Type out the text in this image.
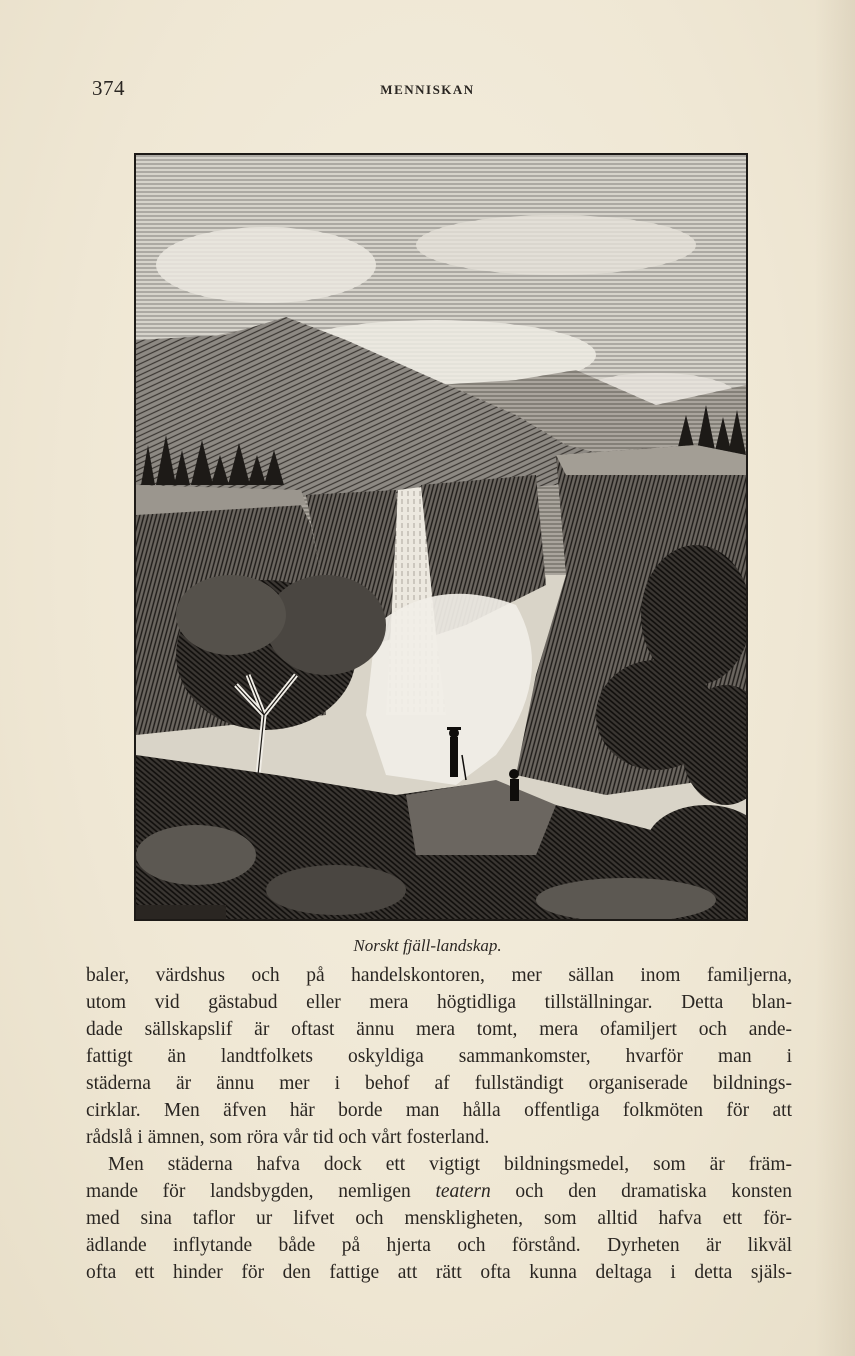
374	MENNISKAN
Norskt fjäll-landskap.
baler, värdshus och på handelskontoren, mer sällan inom familjerna,
utom vid gästabud eller mera högtidliga tillställningar. Detta blan-
dade sällskapslif är oftast ännu mera tomt, mera ofamiljert och ande-
fattigt än landtfolkets oskyldiga sammankomster, hvarför man i
städerna är ännu mer i behof af fullständigt organiserade bildnings-
cirklar. Men äfven här borde man hålla offentliga folkmöten för att
rådslå i ämnen, som röra vår tid och vårt fosterland.
Men städerna hafva dock ett vigtigt bildningsmedel, som är främ-
mande för landsbygden, nemligen teatern och den dramatiska konsten
med sina taflor ur lifvet och menskligheten, som alltid hafva ett för-
ädlande inflytande både på hjerta och förstånd. Dyrheten är likväl
ofta ett hinder för den fattige att rätt ofta kunna deltaga i detta själs-
